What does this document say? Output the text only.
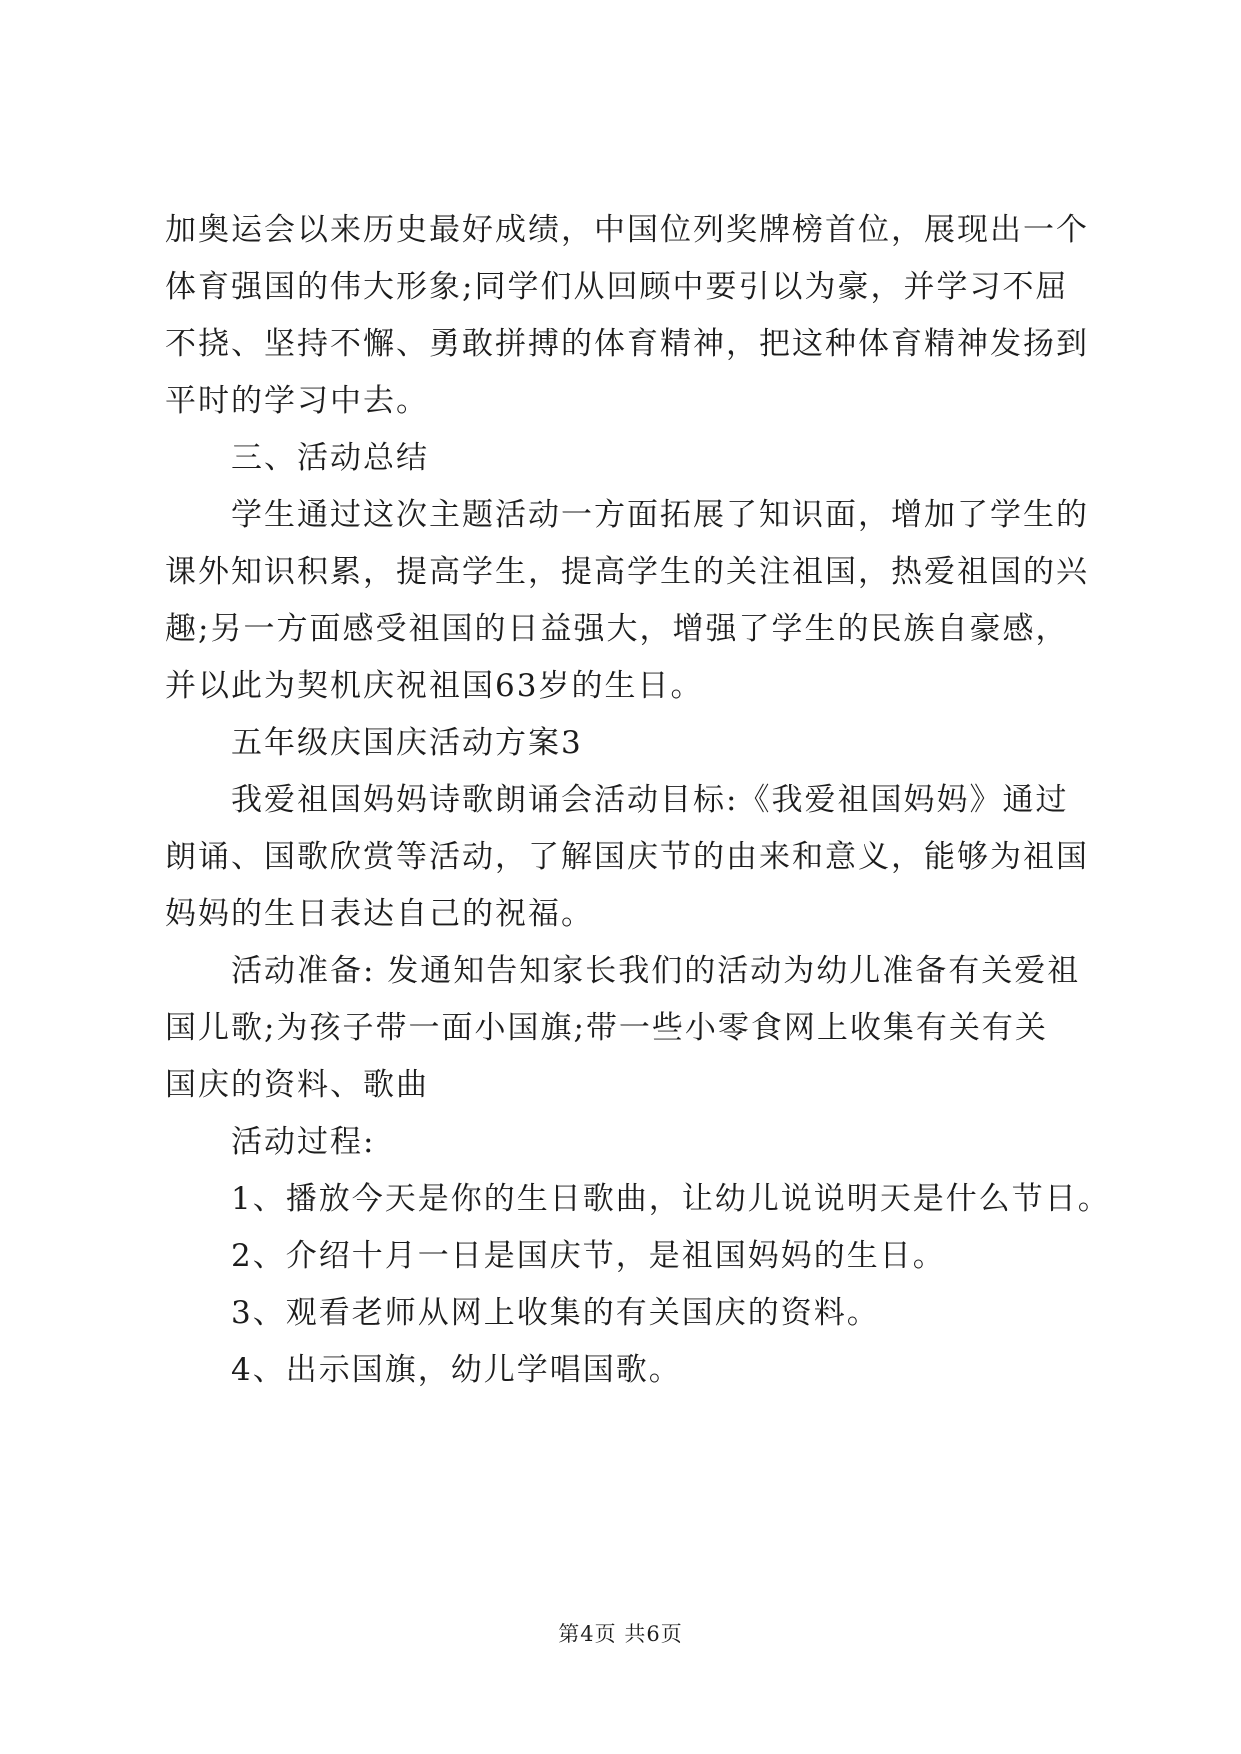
加奥运会以来历史最好成绩，中国位列奖牌榜首位，展现出一个
体育强国的伟大形象;同学们从回顾中要引以为豪，并学习不屈
不挠、坚持不懈、勇敢拼搏的体育精神，把这种体育精神发扬到
平时的学习中去。
三、活动总结
学生通过这次主题活动一方面拓展了知识面，增加了学生的
课外知识积累，提高学生，提高学生的关注祖国，热爱祖国的兴
趣;另一方面感受祖国的日益强大，增强了学生的民族自豪感，
并以此为契机庆祝祖国63岁的生日。
五年级庆国庆活动方案3
我爱祖国妈妈诗歌朗诵会活动目标:《我爱祖国妈妈》通过
朗诵、国歌欣赏等活动，了解国庆节的由来和意义，能够为祖国
妈妈的生日表达自己的祝福。
活动准备: 发通知告知家长我们的活动为幼儿准备有关爱祖
国儿歌;为孩子带一面小国旗;带一些小零食网上收集有关有关
国庆的资料、歌曲
活动过程:
1、播放今天是你的生日歌曲，让幼儿说说明天是什么节日。
2、介绍十月一日是国庆节，是祖国妈妈的生日。
3、观看老师从网上收集的有关国庆的资料。
4、出示国旗，幼儿学唱国歌。
第4页 共6页
